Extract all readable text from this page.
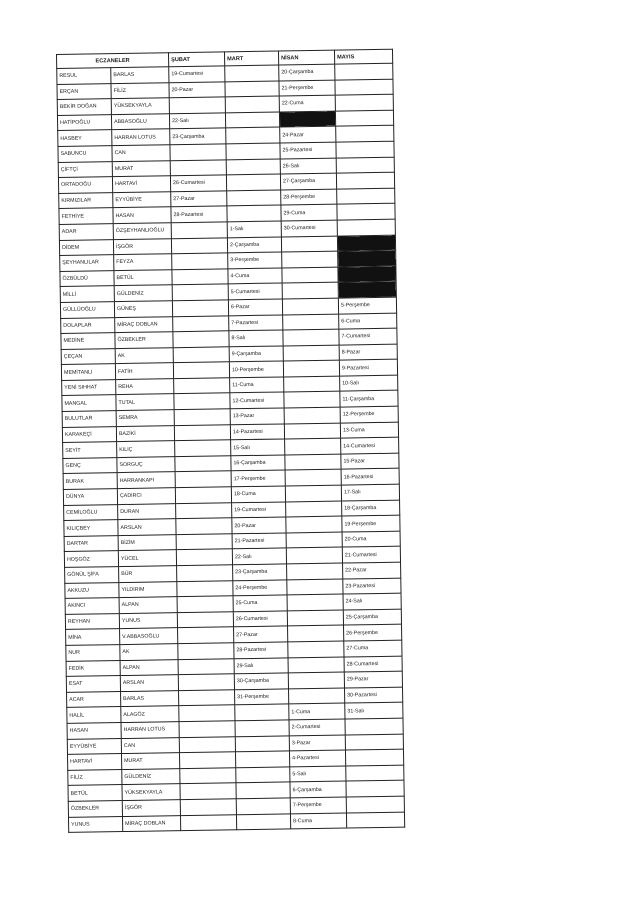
ECZANELER		ŞUBAT	MART	NİSAN	MAYIS
RESUL	BARLAS	19-Cumartesi		20-Çarşamba	
ERÇAN	FİLİZ	20-Pazar		21-Perşembe	
BEKİR DOĞAN	YÜKSEKYAYLA			22-Cuma	
HATİPOĞLU	ABBASOĞLU	22-Salı			
HASBEY	HARRAN LOTUS	23-Çarşamba		24-Pazar	
SABUNCU	CAN			25-Pazartesi	
ÇİFTÇİ	MURAT			26-Salı	
ORTADOĞU	HARTAVİ	26-Cumartesi		27-Çarşamba	
KIRMIZILAR	EYYÜBİYE	27-Pazar		28-Perşembe	
FETHİYE	HASAN	28-Pazartesi		29-Cuma	
ADAR	ÖZŞEYHANLIOĞLU		1-Salı	30-Cumartesi	
DİDEM	İŞGÖR		2-Çarşamba		
ŞEYHANLILAR	FEYZA		3-Perşembe		
ÖZBÜLDÜ	BETÜL		4-Cuma		
MİLLİ	GÜLDENİZ		5-Cumartesi		
GÜLLÜOĞLU	GÜNEŞ		6-Pazar		5-Perşembe
DOLAPLAR	MİRAÇ DOBLAN		7-Pazartesi		6-Cuma
MEDİNE	ÖZBEKLER		8-Salı		7-Cumartesi
ÇEÇAN	AK		9-Çarşamba		8-Pazar
MEMİTANLI	FATİH		10-Perşembe		9-Pazartesi
YENİ SIHHAT	REHA		11-Cuma		10-Salı
MANGAL	TUTAL		12-Cumartesi		11-Çarşamba
BULUTLAR	SEMRA		13-Pazar		12-Perşembe
KARAKEÇİ	BAZİKİ		14-Pazartesi		13-Cuma
SEYİT	KILIÇ		15-Salı		14-Cumartesi
GENÇ	SORGUÇ		16-Çarşamba		15-Pazar
BURAK	HARRANKAPI		17-Perşembe		16-Pazartesi
DÜNYA	ÇADIRCI		18-Cuma		17-Salı
CEMİLOĞLU	DURAN		19-Cumartesi		18-Çarşamba
KILIÇBEY	ARSLAN		20-Pazar		19-Perşembe
DARTAR	BİZİM		21-Pazartesi		20-Cuma
HOŞGÖZ	YÜCEL		22-Salı		21-Cumartesi
GÖNÜL ŞİFA	BÜR		23-Çarşamba		22-Pazar
AKKUZU	YILDIRIM		24-Perşembe		23-Pazartesi
AKINCI	ALPAN		25-Cuma		24-Salı
REYHAN	YUNUS		26-Cumartesi		25-Çarşamba
MİNA	V.ABBASOĞLU		27-Pazar		26-Perşembe
NUR	AK		28-Pazartesi		27-Cuma
FEDİK	ALPAN		29-Salı		28-Cumartesi
ESAT	ARSLAN		30-Çarşamba		29-Pazar
ACAR	BARLAS		31-Perşembe		30-Pazartesi
HALİL	ALAGÖZ			1-Cuma	31-Salı
HASAN	HARRAN LOTUS			2-Cumartesi	
EYYÜBİYE	CAN			3-Pazar	
HARTAVİ	MURAT			4-Pazartesi	
FİLİZ	GÜLDENİZ			5-Salı	
BETÜL	YÜKSEKYAYLA			6-Çarşamba	
ÖZBEKLER	İŞGÖR			7-Perşembe	
YUNUS	MİRAÇ DOBLAN			8-Cuma	
